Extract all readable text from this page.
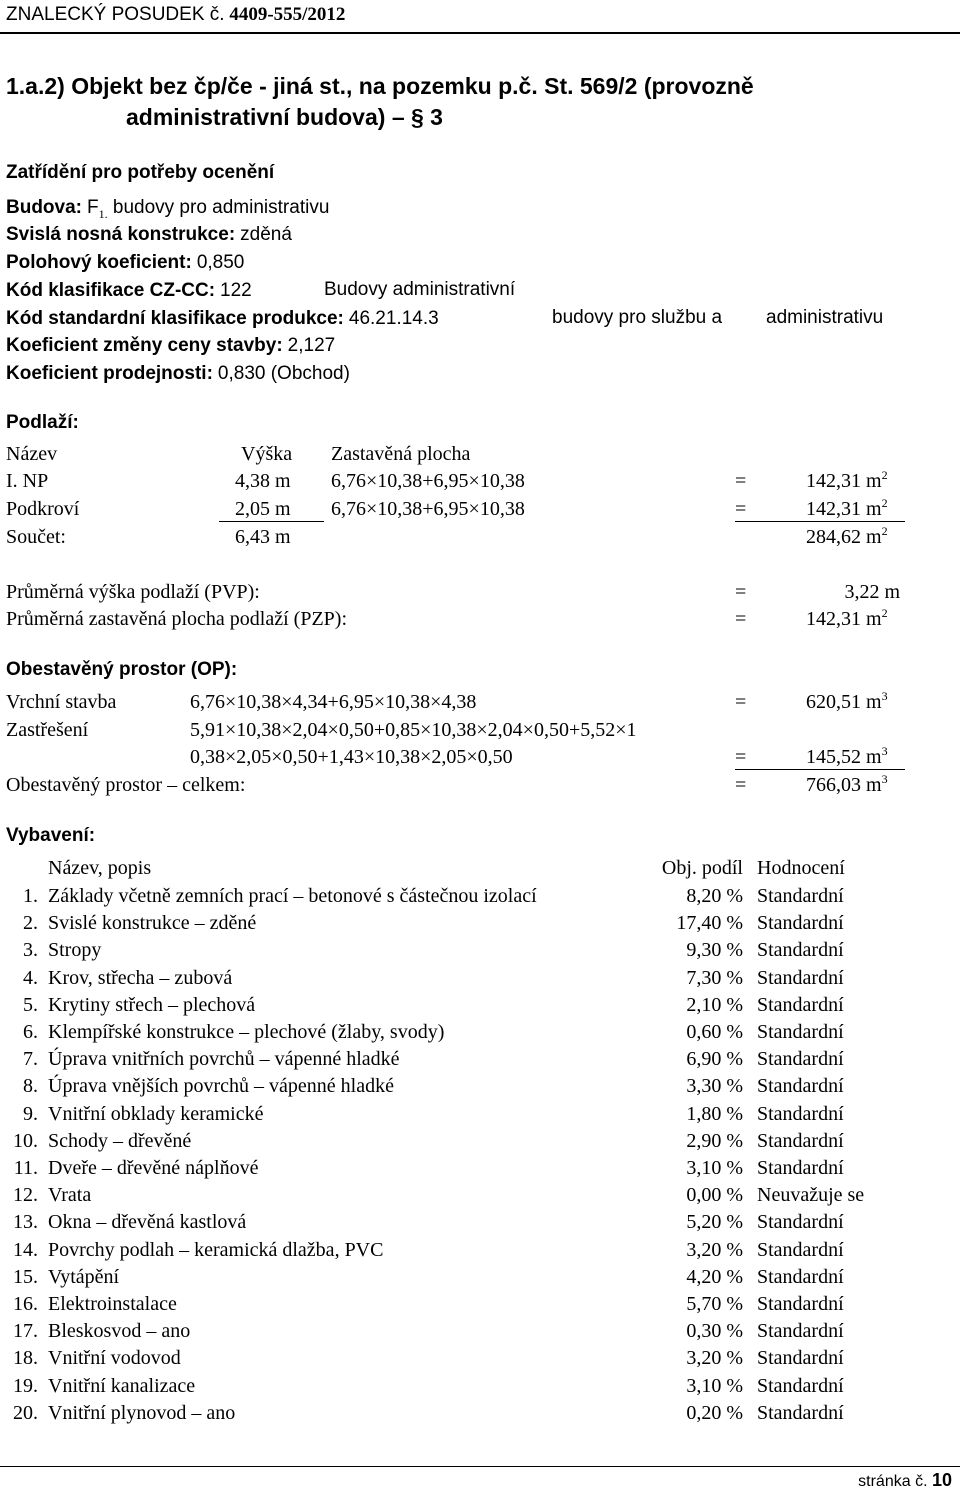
ZNALECKÝ POSUDEK č. 4409-555/2012
1.a.2) Objekt bez čp/če - jiná st., na pozemku p.č. St. 569/2 (provozně
administrativní budova) – § 3
Zatřídění pro potřeby ocenění
Budova: $F_{1.}$ budovy pro administrativu
Svislá nosná konstrukce: zděná
Polohový koeficient: 0,850
Kód klasifikace CZ-CC: 122	Budovy administrativní
Kód standardní klasifikace produkce: 46.21.14.3	budovy pro službu a administrativu
Koeficient změny ceny stavby: 2,127
Koeficient prodejnosti: 0,830 (Obchod)
Podlaží:
Název	Výška Zastavěná plocha
I. NP	4,38 m 6,76×10,38+6,95×10,38	=	142,31 $m^2$
Podkroví	2,05 m 6,76×10,38+6,95×10,38	=	142,31 $m^2$
Součet:	6,43 m	284,62 $m^2$
Průměrná výška podlaží (PVP):	=	3,22 m
Průměrná zastavěná plocha podlaží (PZP):	=	142,31 $m^2$
Obestavěný prostor (OP):
Vrchní stavba	6,76×10,38×4,34+6,95×10,38×4,38	=	620,51 $m^3$
Zastřešení	5,91×10,38×2,04×0,50+0,85×10,38×2,04×0,50+5,52×1
0,38×2,05×0,50+1,43×10,38×2,05×0,50	=	145,52 $m^3$
Obestavěný prostor – celkem:	=	766,03 $m^3$
Vybavení:
Název, popis	Obj. podíl Hodnocení
1. Základy včetně zemních prací – betonové s částečnou izolací	8,20 % Standardní
2. Svislé konstrukce – zděné	17,40 % Standardní
3. Stropy	9,30 % Standardní
4. Krov, střecha – zubová	7,30 % Standardní
5. Krytiny střech – plechová	2,10 % Standardní
6. Klempířské konstrukce – plechové (žlaby, svody)	0,60 % Standardní
7. Úprava vnitřních povrchů – vápenné hladké	6,90 % Standardní
8. Úprava vnějších povrchů – vápenné hladké	3,30 % Standardní
9. Vnitřní obklady keramické	1,80 % Standardní
10. Schody – dřevěné	2,90 % Standardní
11. Dveře – dřevěné náplňové	3,10 % Standardní
12. Vrata	0,00 % Neuvažuje se
13. Okna – dřevěná kastlová	5,20 % Standardní
14. Povrchy podlah – keramická dlažba, PVC	3,20 % Standardní
15. Vytápění	4,20 % Standardní
16. Elektroinstalace	5,70 % Standardní
17. Bleskosvod – ano	0,30 % Standardní
18. Vnitřní vodovod	3,20 % Standardní
19. Vnitřní kanalizace	3,10 % Standardní
20. Vnitřní plynovod – ano	0,20 % Standardní
stránka č. 10
